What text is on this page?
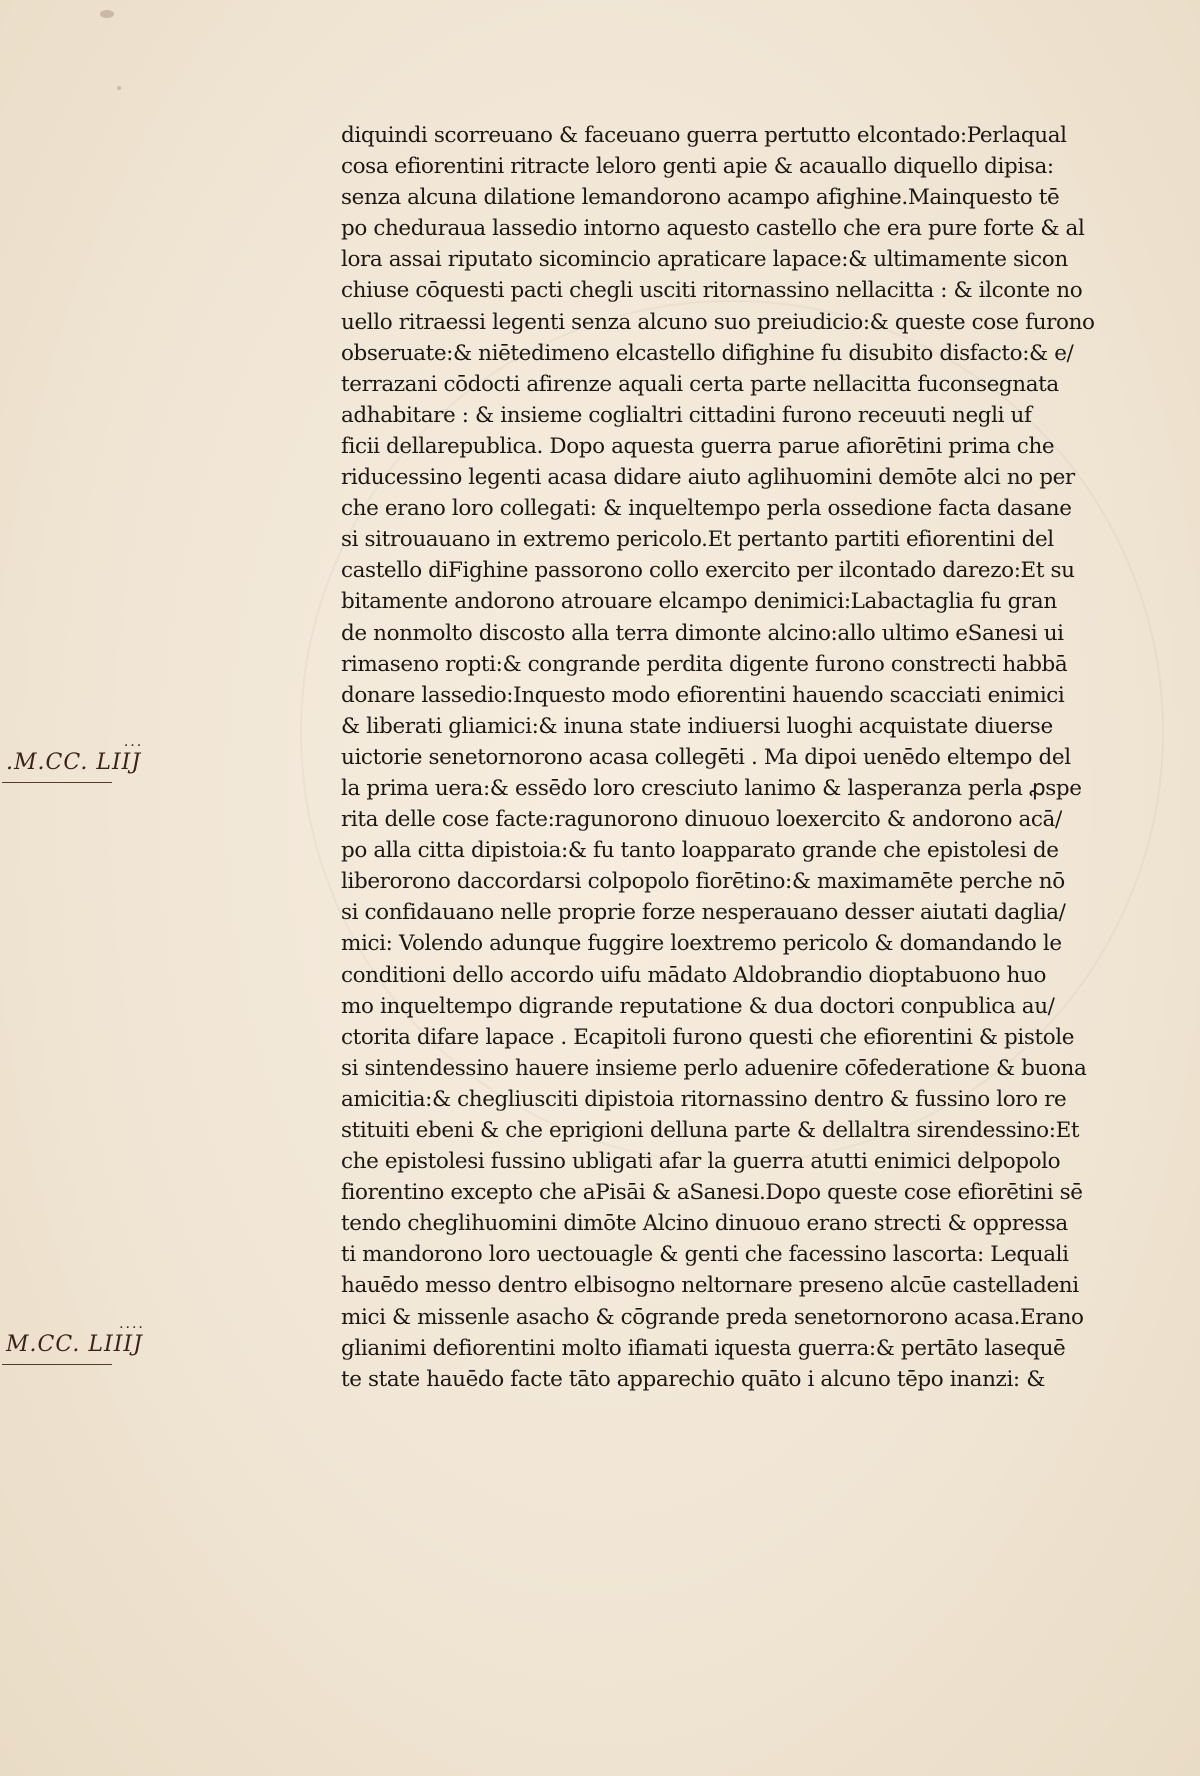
diquindi scorreuano & faceuano guerra pertutto elcontado:Perlaqual
cosa efiorentini ritracte leloro genti apie & acauallo diquello dipisa:
senza alcuna dilatione lemandorono acampo afighine.Mainquesto tē
po cheduraua lassedio intorno aquesto castello che era pure forte & al
lora assai riputato sicomincio apraticare lapace:& ultimamente sicon
chiuse cōquesti pacti chegli usciti ritornassino nellacitta : & ilconte no
uello ritraessi legenti senza alcuno suo preiudicio:& queste cose furono
obseruate:& niētedimeno elcastello difighine fu disubito disfacto:& e/
terrazani cōdocti afirenze aquali certa parte nellacitta fuconsegnata
adhabitare : & insieme coglialtri cittadini furono receuuti negli uf
ficii dellarepublica. Dopo aquesta guerra parue afiorētini prima che
riducessino legenti acasa didare aiuto aglihuomini demōte alci no per
che erano loro collegati: & inqueltempo perla ossedione facta dasane
si sitrouauano in extremo pericolo.Et pertanto partiti efiorentini del
castello diFighine passorono collo exercito per ilcontado darezo:Et su
bitamente andorono atrouare elcampo denimici:Labactaglia fu gran
de nonmolto discosto alla terra dimonte alcino:allo ultimo eSanesi ui
rimaseno ropti:& congrande perdita digente furono constrecti habbā
donare lassedio:Inquesto modo efiorentini hauendo scacciati enimici
& liberati gliamici:& inuna state indiuersi luoghi acquistate diuerse
uictorie senetornorono acasa collegēti . Ma dipoi uenēdo eltempo del
la prima uera:& essēdo loro cresciuto lanimo & lasperanza perla ꝓspe
rita delle cose facte:ragunorono dinuouo loexercito & andorono acā/
po alla citta dipistoia:& fu tanto loapparato grande che epistolesi de
liberorono daccordarsi colpopolo fiorētino:& maximamēte perche nō
si confidauano nelle proprie forze nesperauano desser aiutati daglia/
mici: Volendo adunque fuggire loextremo pericolo & domandando le
conditioni dello accordo uifu mādato Aldobrandio dioptabuono huo
mo inqueltempo digrande reputatione & dua doctori conpublica au/
ctorita difare lapace . Ecapitoli furono questi che efiorentini & pistole
si sintendessino hauere insieme perlo aduenire cōfederatione & buona
amicitia:& chegliusciti dipistoia ritornassino dentro & fussino loro re
stituiti ebeni & che eprigioni delluna parte & dellaltra sirendessino:Et
che epistolesi fussino ubligati afar la guerra atutti enimici delpopolo
fiorentino excepto che aPisāi & aSanesi.Dopo queste cose efiorētini sē
tendo cheglihuomini dimōte Alcino dinuouo erano strecti & oppressa
ti mandorono loro uectouagle & genti che facessino lascorta: Lequali
hauēdo messo dentro elbisogno neltornare preseno alcūe castelladeni
mici & missenle asacho & cōgrande preda senetornorono acasa.Erano
glianimi defiorentini molto ifiamati iquesta guerra:& pertāto lasequē
te state hauēdo facte tāto apparechio quāto i alcuno tēpo inanzi: &
.M.CC. LIIJ
...
M.CC. LIIIJ
....
